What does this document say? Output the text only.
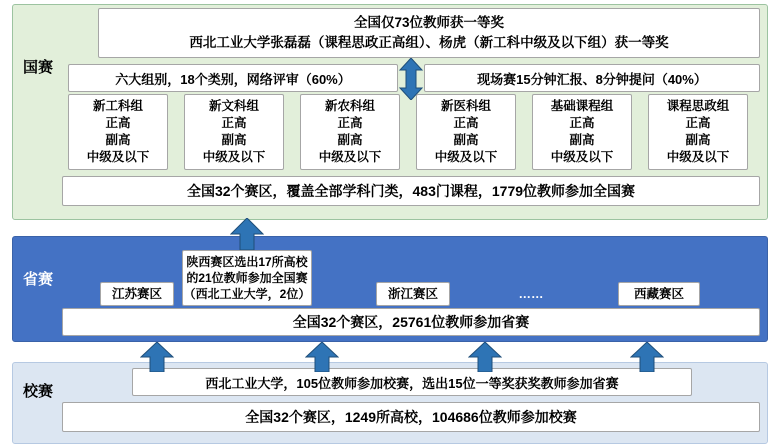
国赛
全国仅73位教师获一等奖
西北工业大学张磊磊（课程思政正高组）、杨虎（新工科中级及以下组）获一等奖
六大组别，18个类别，网络评审（60%）	现场赛15分钟汇报、8分钟提问（40%）
新工科组
正高
副高
中级及以下
新文科组
正高
副高
中级及以下
新农科组
正高
副高
中级及以下
新医科组
正高
副高
中级及以下
基础课程组
正高
副高
中级及以下
课程思政组
正高
副高
中级及以下
全国32个赛区，覆盖全部学科门类，483门课程，1779位教师参加全国赛
省赛
江苏赛区
陕西赛区选出17所高校
的21位教师参加全国赛
（西北工业大学，2位）	浙江赛区	……	西藏赛区
全国32个赛区，25761位教师参加省赛
校赛	西北工业大学，105位教师参加校赛，选出15位一等奖获奖教师参加省赛
全国32个赛区，1249所高校，104686位教师参加校赛
